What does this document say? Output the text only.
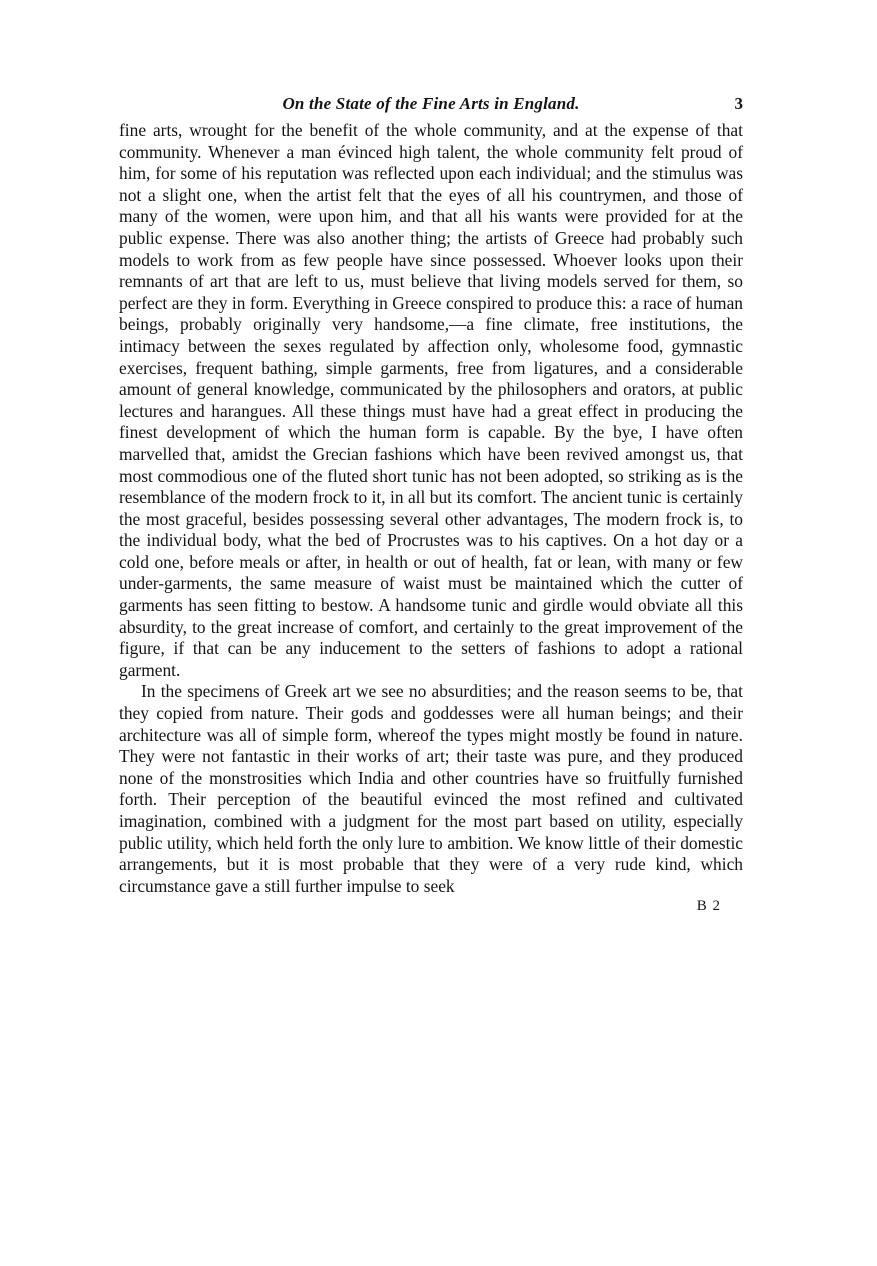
On the State of the Fine Arts in England.	3

fine arts, wrought for the benefit of the whole community, and at the expense of that community. Whenever a man évinced high talent, the whole community felt proud of him, for some of his reputation was reflected upon each individual; and the stimulus was not a slight one, when the artist felt that the eyes of all his countrymen, and those of many of the women, were upon him, and that all his wants were provided for at the public expense. There was also another thing; the artists of Greece had probably such models to work from as few people have since possessed. Whoever looks upon their remnants of art that are left to us, must believe that living models served for them, so perfect are they in form. Everything in Greece conspired to produce this: a race of human beings, probably originally very handsome,—a fine climate, free institutions, the intimacy between the sexes regulated by affection only, wholesome food, gymnastic exercises, frequent bathing, simple garments, free from ligatures, and a considerable amount of general knowledge, communicated by the philosophers and orators, at public lectures and harangues. All these things must have had a great effect in producing the finest development of which the human form is capable. By the bye, I have often marvelled that, amidst the Grecian fashions which have been revived amongst us, that most commodious one of the fluted short tunic has not been adopted, so striking as is the resemblance of the modern frock to it, in all but its comfort. The ancient tunic is certainly the most graceful, besides possessing several other advantages, The modern frock is, to the individual body, what the bed of Procrustes was to his captives. On a hot day or a cold one, before meals or after, in health or out of health, fat or lean, with many or few under-garments, the same measure of waist must be maintained which the cutter of garments has seen fitting to bestow. A handsome tunic and girdle would obviate all this absurdity, to the great increase of comfort, and certainly to the great improvement of the figure, if that can be any inducement to the setters of fashions to adopt a rational garment.

In the specimens of Greek art we see no absurdities; and the reason seems to be, that they copied from nature. Their gods and goddesses were all human beings; and their architecture was all of simple form, whereof the types might mostly be found in nature. They were not fantastic in their works of art; their taste was pure, and they produced none of the monstrosities which India and other countries have so fruitfully furnished forth. Their perception of the beautiful evinced the most refined and cultivated imagination, combined with a judgment for the most part based on utility, especially public utility, which held forth the only lure to ambition. We know little of their domestic arrangements, but it is most probable that they were of a very rude kind, which circumstance gave a still further impulse to seek

B 2
